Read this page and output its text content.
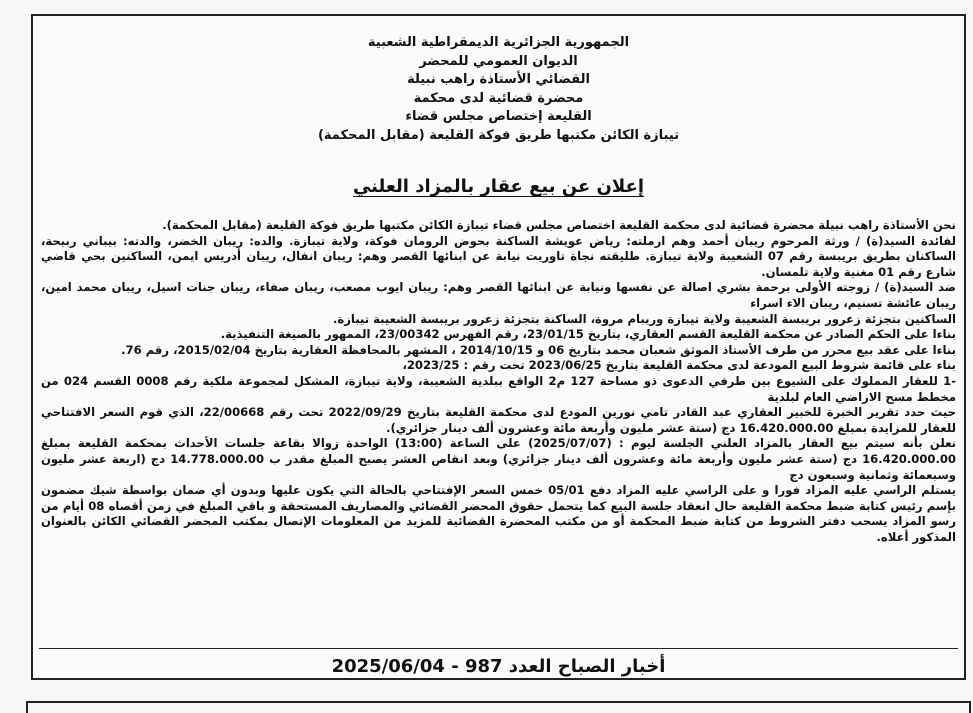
الجمهورية الجزائرية الديمقراطية الشعبية
الديوان العمومي للمحضر
القضائي الأستاذة راهب نبيلة
محضرة قضائية لدى محكمة
القليعة إختصاص مجلس قضاء
تيبازة الكائن مكتبها طريق فوكة القليعة (مقابل المحكمة)
إعلان عن بيع عقار بالمزاد العلني

نحن الأستاذة راهب نبيلة محضرة قضائية لدى محكمة القليعة اختصاص مجلس قضاء تيبازة الكائن مكتبها طريق فوكة القليعة (مقابل المحكمة).

لفائدة السيد(ة) / ورثة المرحوم ريبان أحمد وهم ارملته: رياض عويشة الساكنة بحوض الرومان فوكة، ولاية تيبازة. والده: ريبان الخضر، والدته: بيباني ربيحة، الساكنان بطريق بريبسة رقم 07 الشعيبة ولاية تيبازة. طليقته نجاة تاوريت نيابة عن ابنائها القصر وهم: ريبان انفال، ريبان أدريس ايمن، الساكنين بحي قاضي شارع رقم 01 مغنية ولاية تلمسان.

ضد السيد(ة) / زوجته الأولى برحمة بشري اصالة عن نفسها ونيابة عن ابنائها القصر وهم: ريبان ايوب مصعب، ريبان صفاء، ريبان جنات اسيل، ريبان محمد امين، ريبان عائشة تسنيم، ريبان الاء اسراء

الساكنين بتجزئة زعرور بريبسة الشعيبة ولاية تيبازة وريبام مروة، الساكنة بتجزئة زعرور بريبسة الشعيبة تيبازة.

بناءا على الحكم الصادر عن محكمة القليعة القسم العقاري، بتاريخ 23/01/15، رقم الفهرس 23/00342، الممهور بالصيغة التنفيذية.

بناءا على عقد بيع محرر من طرف الأستاذ الموثق شعبان محمد بتاريخ 06 و 2014/10/15 ، المشهر بالمحافظة العقارية بتاريخ 2015/02/04، رقم 76.

بناء على قائمة شروط البيع المودعة لدى محكمة القليعة بتاريخ 2023/06/25 تحت رقم : 2023/25،

-1 للعقار المملوك على الشيوع بين طرفي الدعوى ذو مساحة 127 م2 الواقع ببلدية الشعيبة، ولاية تيبازة، المشكل لمجموعة ملكية رقم 0008 القسم 024 من مخطط مسح الاراضي العام لبلدية

حيث حدد تقرير الخبرة للخبير العقاري عبد القادر تامي نورين المودع لدى محكمة القليعة بتاريخ 2022/09/29 تحت رقم 22/00668، الذي قوم السعر الافتتاحي للعقار للمزايدة بمبلغ 16.420.000.00 دج (ستة عشر مليون وأربعة مائة وعشرون ألف دينار جزائري).

نعلن بأنه سيتم بيع العقار بالمزاد العلني الجلسة ليوم : (2025/07/07) على الساعة (13:00) الواحدة زوالا بقاعة جلسات الأحداث بمحكمة القليعة بمبلغ 16.420.000.00 دج (ستة عشر مليون وأربعة مائة وعشرون ألف دينار جزائري) وبعد انقاص العشر يصبح المبلغ مقدر ب 14.778.000.00 دج (اربعة عشر مليون وسبعمائة وثمانية وسبعون دج

يستلم الراسي عليه المزاد فورا و على الراسي عليه المزاد دفع 05/01 خمس السعر الإفتتاحي بالحالة التي يكون عليها وبدون أي ضمان بواسطة شيك مضمون بإسم رئيس كتابة ضبط محكمة القليعة حال انعقاد جلسة البيع كما يتحمل حقوق المحضر القضائي والمصاريف المستحقة و باقي المبلغ في زمن أقصاه 08 أيام من رسو المزاد يسحب دفتر الشروط من كتابة ضبط المحكمة أو من مكتب المحضرة القضائية للمزيد من المعلومات الإتصال بمكتب المحضر القضائي الكائن بالعنوان المذكور أعلاه.

أخبار الصباح العدد 987 - 2025/06/04
